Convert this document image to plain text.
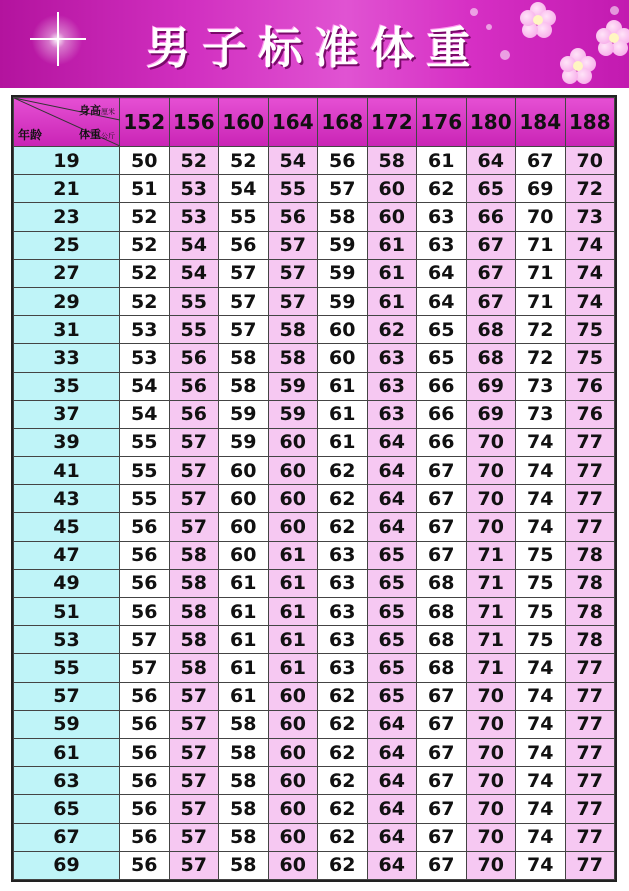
男子标准体重
身高厘米
体重公斤
年龄	152	156	160	164	168	172	176	180	184	188
19	50	52	52	54	56	58	61	64	67	70
21	51	53	54	55	57	60	62	65	69	72
23	52	53	55	56	58	60	63	66	70	73
25	52	54	56	57	59	61	63	67	71	74
27	52	54	57	57	59	61	64	67	71	74
29	52	55	57	57	59	61	64	67	71	74
31	53	55	57	58	60	62	65	68	72	75
33	53	56	58	58	60	63	65	68	72	75
35	54	56	58	59	61	63	66	69	73	76
37	54	56	59	59	61	63	66	69	73	76
39	55	57	59	60	61	64	66	70	74	77
41	55	57	60	60	62	64	67	70	74	77
43	55	57	60	60	62	64	67	70	74	77
45	56	57	60	60	62	64	67	70	74	77
47	56	58	60	61	63	65	67	71	75	78
49	56	58	61	61	63	65	68	71	75	78
51	56	58	61	61	63	65	68	71	75	78
53	57	58	61	61	63	65	68	71	75	78
55	57	58	61	61	63	65	68	71	74	77
57	56	57	61	60	62	65	67	70	74	77
59	56	57	58	60	62	64	67	70	74	77
61	56	57	58	60	62	64	67	70	74	77
63	56	57	58	60	62	64	67	70	74	77
65	56	57	58	60	62	64	67	70	74	77
67	56	57	58	60	62	64	67	70	74	77
69	56	57	58	60	62	64	67	70	74	77
